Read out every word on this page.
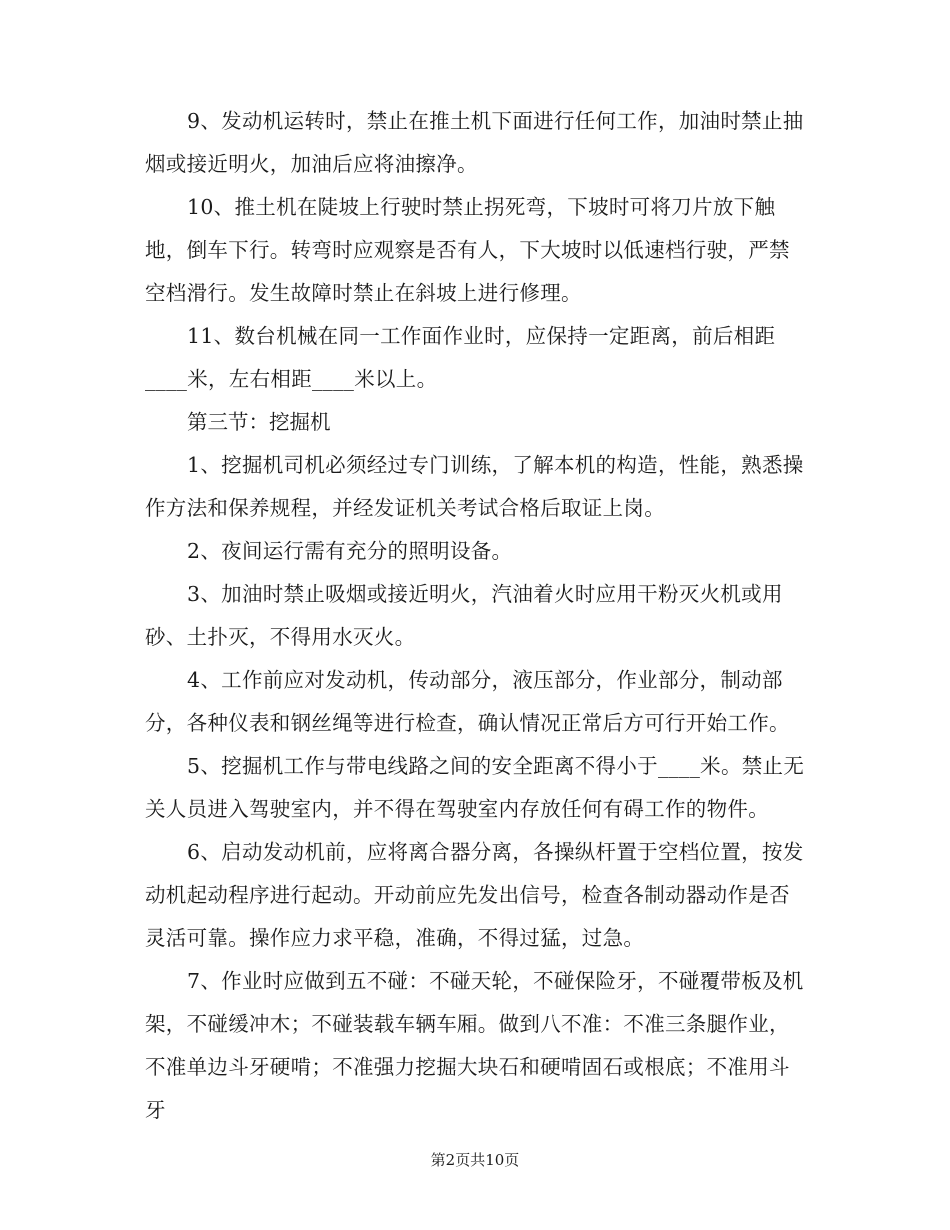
9、发动机运转时，禁止在推土机下面进行任何工作，加油时禁止抽烟或接近明火，加油后应将油擦净。

10、推土机在陡坡上行驶时禁止拐死弯，下坡时可将刀片放下触地，倒车下行。转弯时应观察是否有人，下大坡时以低速档行驶，严禁空档滑行。发生故障时禁止在斜坡上进行修理。

11、数台机械在同一工作面作业时，应保持一定距离，前后相距____米，左右相距____米以上。

第三节：挖掘机

1、挖掘机司机必须经过专门训练，了解本机的构造，性能，熟悉操作方法和保养规程，并经发证机关考试合格后取证上岗。

2、夜间运行需有充分的照明设备。

3、加油时禁止吸烟或接近明火，汽油着火时应用干粉灭火机或用砂、土扑灭，不得用水灭火。

4、工作前应对发动机，传动部分，液压部分，作业部分，制动部分，各种仪表和钢丝绳等进行检查，确认情况正常后方可行开始工作。

5、挖掘机工作与带电线路之间的安全距离不得小于____米。禁止无关人员进入驾驶室内，并不得在驾驶室内存放任何有碍工作的物件。

6、启动发动机前，应将离合器分离，各操纵杆置于空档位置，按发动机起动程序进行起动。开动前应先发出信号，检查各制动器动作是否灵活可靠。操作应力求平稳，准确，不得过猛，过急。

7、作业时应做到五不碰：不碰天轮，不碰保险牙，不碰覆带板及机架，不碰缓冲木；不碰装载车辆车厢。做到八不准：不准三条腿作业，不准单边斗牙硬啃；不准强力挖掘大块石和硬啃固石或根底；不准用斗牙

第2页共10页
